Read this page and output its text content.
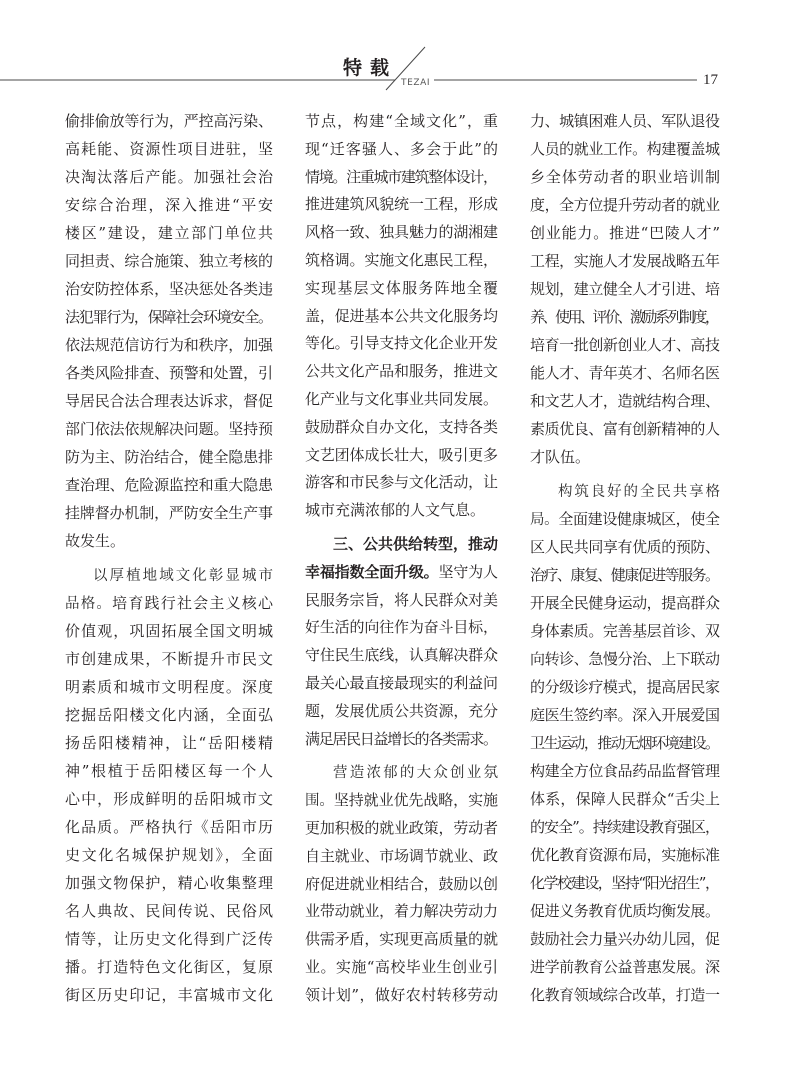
TEZAI
特载
17
偷排偷放等行为，严控高污染、
高耗能、资源性项目进驻，坚
决淘汰落后产能。加强社会治
安综合治理，深入推进“平安
楼区”建设，建立部门单位共
同担责、综合施策、独立考核的
治安防控体系，坚决惩处各类违
法犯罪行为，保障社会环境安全。
依法规范信访行为和秩序，加强
各类风险排查、预警和处置，引
导居民合法合理表达诉求，督促
部门依法依规解决问题。坚持预
防为主、防治结合，健全隐患排
查治理、危险源监控和重大隐患
挂牌督办机制，严防安全生产事
故发生。
以厚植地域文化彰显城市
品格。培育践行社会主义核心
价值观，巩固拓展全国文明城
市创建成果，不断提升市民文
明素质和城市文明程度。深度
挖掘岳阳楼文化内涵，全面弘
扬岳阳楼精神，让“岳阳楼精
神”根植于岳阳楼区每一个人
心中，形成鲜明的岳阳城市文
化品质。严格执行《岳阳市历
史文化名城保护规划》，全面
加强文物保护，精心收集整理
名人典故、民间传说、民俗风
情等，让历史文化得到广泛传
播。打造特色文化街区，复原
街区历史印记，丰富城市文化
节点，构建“全域文化”，重
现“迁客骚人、多会于此”的
情境。注重城市建筑整体设计，
推进建筑风貌统一工程，形成
风格一致、独具魅力的湖湘建
筑格调。实施文化惠民工程，
实现基层文体服务阵地全覆
盖，促进基本公共文化服务均
等化。引导支持文化企业开发
公共文化产品和服务，推进文
化产业与文化事业共同发展。
鼓励群众自办文化，支持各类
文艺团体成长壮大，吸引更多
游客和市民参与文化活动，让
城市充满浓郁的人文气息。
三、公共供给转型，推动
幸福指数全面升级。坚守为人
民服务宗旨，将人民群众对美
好生活的向往作为奋斗目标，
守住民生底线，认真解决群众
最关心最直接最现实的利益问
题，发展优质公共资源，充分
满足居民日益增长的各类需求。
营造浓郁的大众创业氛
围。坚持就业优先战略，实施
更加积极的就业政策，劳动者
自主就业、市场调节就业、政
府促进就业相结合，鼓励以创
业带动就业，着力解决劳动力
供需矛盾，实现更高质量的就
业。实施“高校毕业生创业引
领计划”，做好农村转移劳动
力、城镇困难人员、军队退役
人员的就业工作。构建覆盖城
乡全体劳动者的职业培训制
度，全方位提升劳动者的就业
创业能力。推进“巴陵人才”
工程，实施人才发展战略五年
规划，建立健全人才引进、培
养、使用、评价、激励系列制度，
培育一批创新创业人才、高技
能人才、青年英才、名师名医
和文艺人才，造就结构合理、
素质优良、富有创新精神的人
才队伍。
构筑良好的全民共享格
局。全面建设健康城区，使全
区人民共同享有优质的预防、
治疗、康复、健康促进等服务。
开展全民健身运动，提高群众
身体素质。完善基层首诊、双
向转诊、急慢分治、上下联动
的分级诊疗模式，提高居民家
庭医生签约率。深入开展爱国
卫生运动，推动无烟环境建设。
构建全方位食品药品监督管理
体系，保障人民群众“舌尖上
的安全”。持续建设教育强区，
优化教育资源布局，实施标准
化学校建设，坚持“阳光招生”，
促进义务教育优质均衡发展。
鼓励社会力量兴办幼儿园，促
进学前教育公益普惠发展。深
化教育领域综合改革，打造一
